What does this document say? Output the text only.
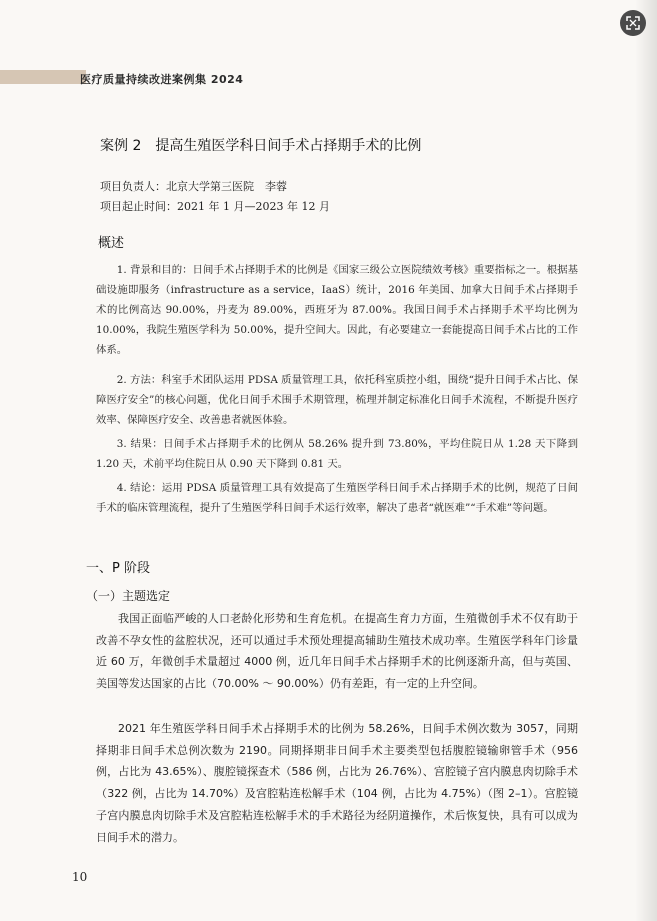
医疗质量持续改进案例集 2024
案例 2　提高生殖医学科日间手术占择期手术的比例
项目负责人：北京大学第三医院　李蓉
项目起止时间：2021 年 1 月—2023 年 12 月
概述
1. 背景和目的：日间手术占择期手术的比例是《国家三级公立医院绩效考核》重要指标之一。根据基础设施即服务（infrastructure as a service，IaaS）统计，2016 年美国、加拿大日间手术占择期手术的比例高达 90.00%，丹麦为 89.00%，西班牙为 87.00%。我国日间手术占择期手术平均比例为 10.00%，我院生殖医学科为 50.00%，提升空间大。因此，有必要建立一套能提高日间手术占比的工作体系。
2. 方法：科室手术团队运用 PDSA 质量管理工具，依托科室质控小组，围绕“提升日间手术占比、保障医疗安全”的核心问题，优化日间手术围手术期管理，梳理并制定标准化日间手术流程，不断提升医疗效率、保障医疗安全、改善患者就医体验。
3. 结果：日间手术占择期手术的比例从 58.26% 提升到 73.80%，平均住院日从 1.28 天下降到 1.20 天，术前平均住院日从 0.90 天下降到 0.81 天。
4. 结论：运用 PDSA 质量管理工具有效提高了生殖医学科日间手术占择期手术的比例，规范了日间手术的临床管理流程，提升了生殖医学科日间手术运行效率，解决了患者“就医难”“手术难”等问题。
一、P 阶段
（一）主题选定
我国正面临严峻的人口老龄化形势和生育危机。在提高生育力方面，生殖微创手术不仅有助于改善不孕女性的盆腔状况，还可以通过手术预处理提高辅助生殖技术成功率。生殖医学科年门诊量近 60 万，年微创手术量超过 4000 例，近几年日间手术占择期手术的比例逐渐升高，但与英国、美国等发达国家的占比（70.00% ～ 90.00%）仍有差距，有一定的上升空间。
2021 年生殖医学科日间手术占择期手术的比例为 58.26%，日间手术例次数为 3057，同期择期非日间手术总例次数为 2190。同期择期非日间手术主要类型包括腹腔镜输卵管手术（956 例，占比为 43.65%）、腹腔镜探查术（586 例，占比为 26.76%）、宫腔镜子宫内膜息肉切除手术（322 例，占比为 14.70%）及宫腔粘连松解手术（104 例，占比为 4.75%）（图 2–1）。宫腔镜子宫内膜息肉切除手术及宫腔粘连松解手术的手术路径为经阴道操作，术后恢复快，具有可以成为日间手术的潜力。
10
